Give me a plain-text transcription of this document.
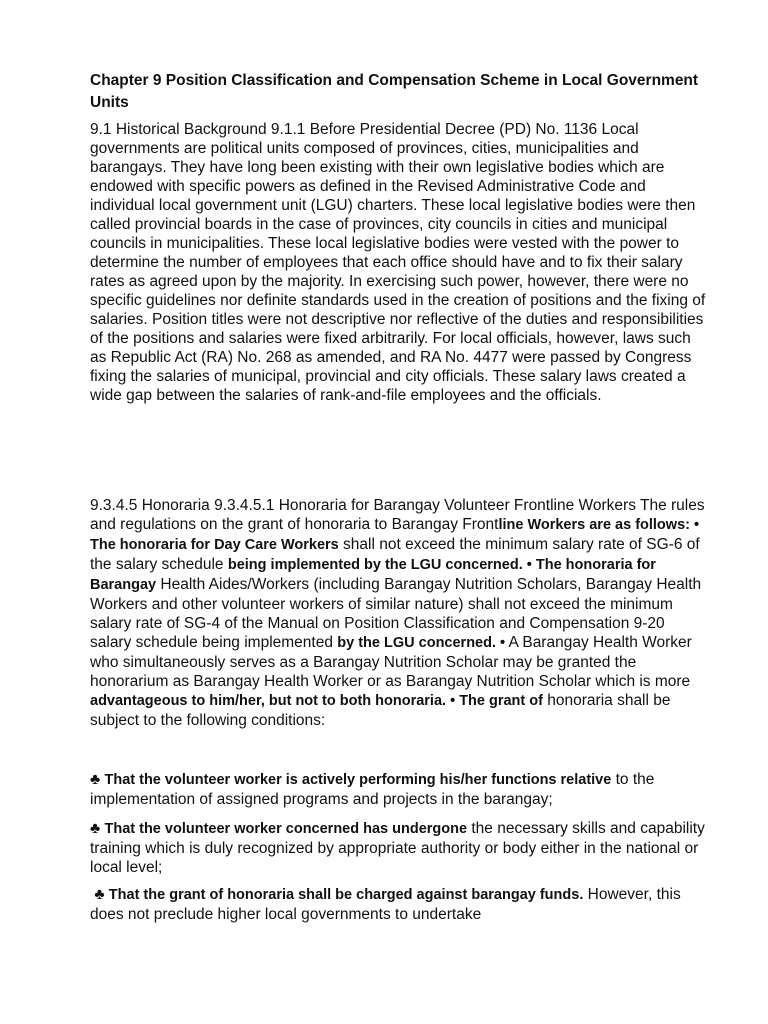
Chapter 9 Position Classification and Compensation Scheme in Local Government Units

9.1 Historical Background 9.1.1 Before Presidential Decree (PD) No. 1136 Local governments are political units composed of provinces, cities, municipalities and barangays. They have long been existing with their own legislative bodies which are endowed with specific powers as defined in the Revised Administrative Code and individual local government unit (LGU) charters. These local legislative bodies were then called provincial boards in the case of provinces, city councils in cities and municipal councils in municipalities. These local legislative bodies were vested with the power to determine the number of employees that each office should have and to fix their salary rates as agreed upon by the majority. In exercising such power, however, there were no specific guidelines nor definite standards used in the creation of positions and the fixing of salaries. Position titles were not descriptive nor reflective of the duties and responsibilities of the positions and salaries were fixed arbitrarily. For local officials, however, laws such as Republic Act (RA) No. 268 as amended, and RA No. 4477 were passed by Congress fixing the salaries of municipal, provincial and city officials. These salary laws created a wide gap between the salaries of rank-and-file employees and the officials.

9.3.4.5 Honoraria 9.3.4.5.1 Honoraria for Barangay Volunteer Frontline Workers The rules and regulations on the grant of honoraria to Barangay Frontline Workers are as follows: • The honoraria for Day Care Workers shall not exceed the minimum salary rate of SG-6 of the salary schedule being implemented by the LGU concerned. • The honoraria for Barangay Health Aides/Workers (including Barangay Nutrition Scholars, Barangay Health Workers and other volunteer workers of similar nature) shall not exceed the minimum salary rate of SG-4 of the Manual on Position Classification and Compensation 9-20 salary schedule being implemented by the LGU concerned. • A Barangay Health Worker who simultaneously serves as a Barangay Nutrition Scholar may be granted the honorarium as Barangay Health Worker or as Barangay Nutrition Scholar which is more advantageous to him/her, but not to both honoraria. • The grant of honoraria shall be subject to the following conditions:

♣ That the volunteer worker is actively performing his/her functions relative to the implementation of assigned programs and projects in the barangay;

♣ That the volunteer worker concerned has undergone the necessary skills and capability training which is duly recognized by appropriate authority or body either in the national or local level;

♣ That the grant of honoraria shall be charged against barangay funds. However, this does not preclude higher local governments to undertake
